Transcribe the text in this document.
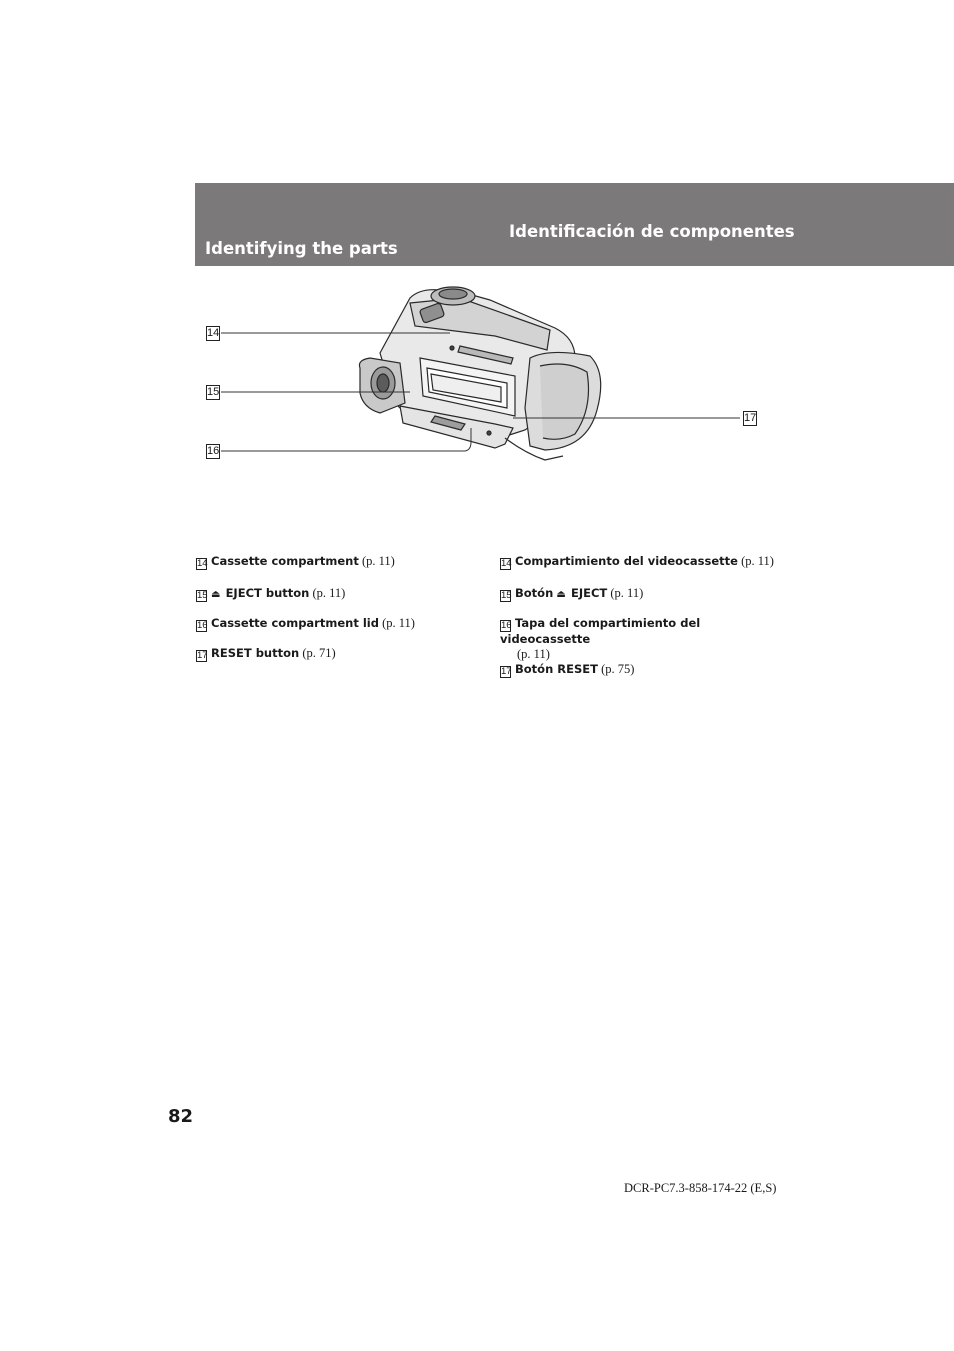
Identifying the parts
Identificación de componentes
14
15
16
17
14 Cassette compartment (p. 11)
15 ⏏ EJECT button (p. 11)
16 Cassette compartment lid (p. 11)
17 RESET button (p. 71)
14 Compartimiento del videocassette (p. 11)
15 Botón ⏏ EJECT (p. 11)
16 Tapa del compartimiento del videocassette
(p. 11)
17 Botón RESET (p. 75)
82
DCR-PC7.3-858-174-22 (E,S)
